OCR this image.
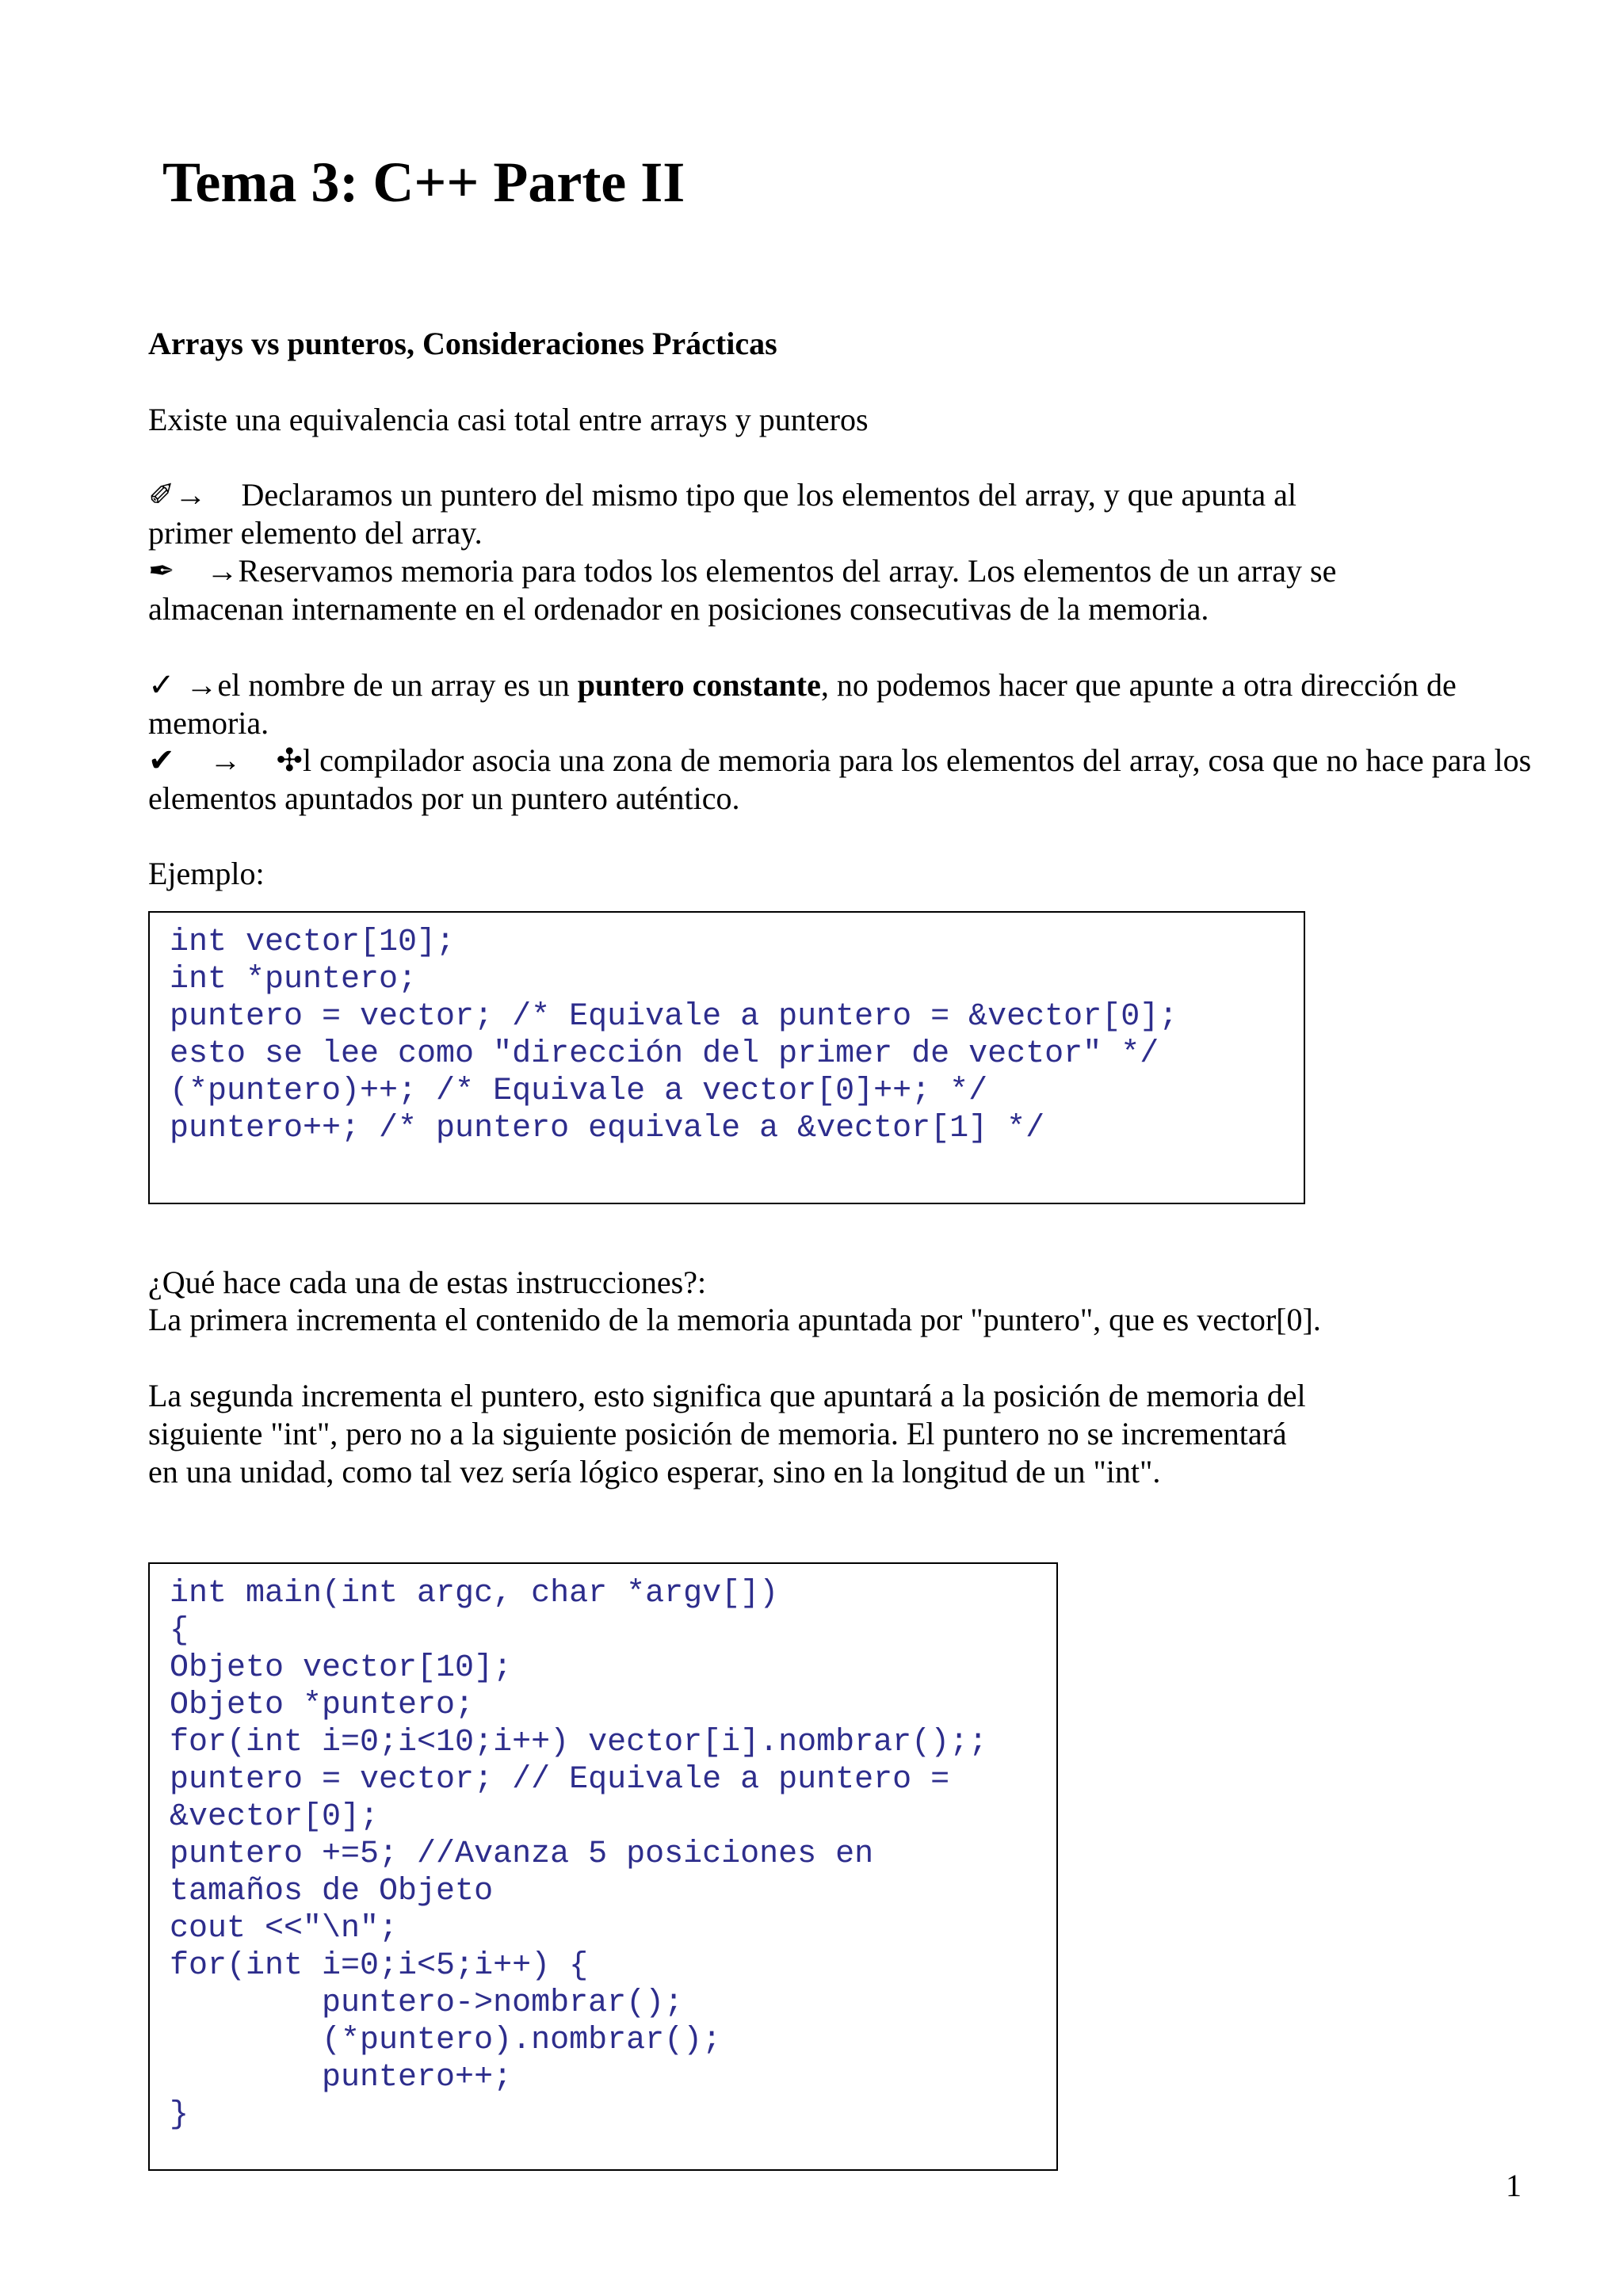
Tema 3: C++ Parte II
Arrays vs punteros, Consideraciones Prácticas

Existe una equivalencia casi total entre arrays y punteros

✐→ Declaramos un puntero del mismo tipo que los elementos del array, y que apunta al primer elemento del array.

✒ →Reservamos memoria para todos los elementos del array. Los elementos de un array se almacenan internamente en el ordenador en posiciones consecutivas de la memoria.

✓ →el nombre de un array es un puntero constante, no podemos hacer que apunte a otra dirección de memoria.

✔ → ✣l compilador asocia una zona de memoria para los elementos del array, cosa que no hace para los elementos apuntados por un puntero auténtico.

Ejemplo:

int vector[10];
int *puntero;
puntero = vector; /* Equivale a puntero = &vector[0];
esto se lee como "dirección del primer de vector" */
(*puntero)++; /* Equivale a vector[0]++; */
puntero++; /* puntero equivale a &vector[1] */

¿Qué hace cada una de estas instrucciones?:

La primera incrementa el contenido de la memoria apuntada por "puntero", que es vector[0].

La segunda incrementa el puntero, esto significa que apuntará a la posición de memoria del siguiente "int", pero no a la siguiente posición de memoria. El puntero no se incrementará en una unidad, como tal vez sería lógico esperar, sino en la longitud de un "int".

int main(int argc, char *argv[])
{
Objeto vector[10];
Objeto *puntero;
for(int i=0;i<10;i++) vector[i].nombrar();;
puntero = vector; // Equivale a puntero =
&vector[0];
puntero +=5; //Avanza 5 posiciones en
tamaños de Objeto
cout <<"\n";
for(int i=0;i<5;i++) {
puntero->nombrar();
(*puntero).nombrar();
puntero++;
}
1
